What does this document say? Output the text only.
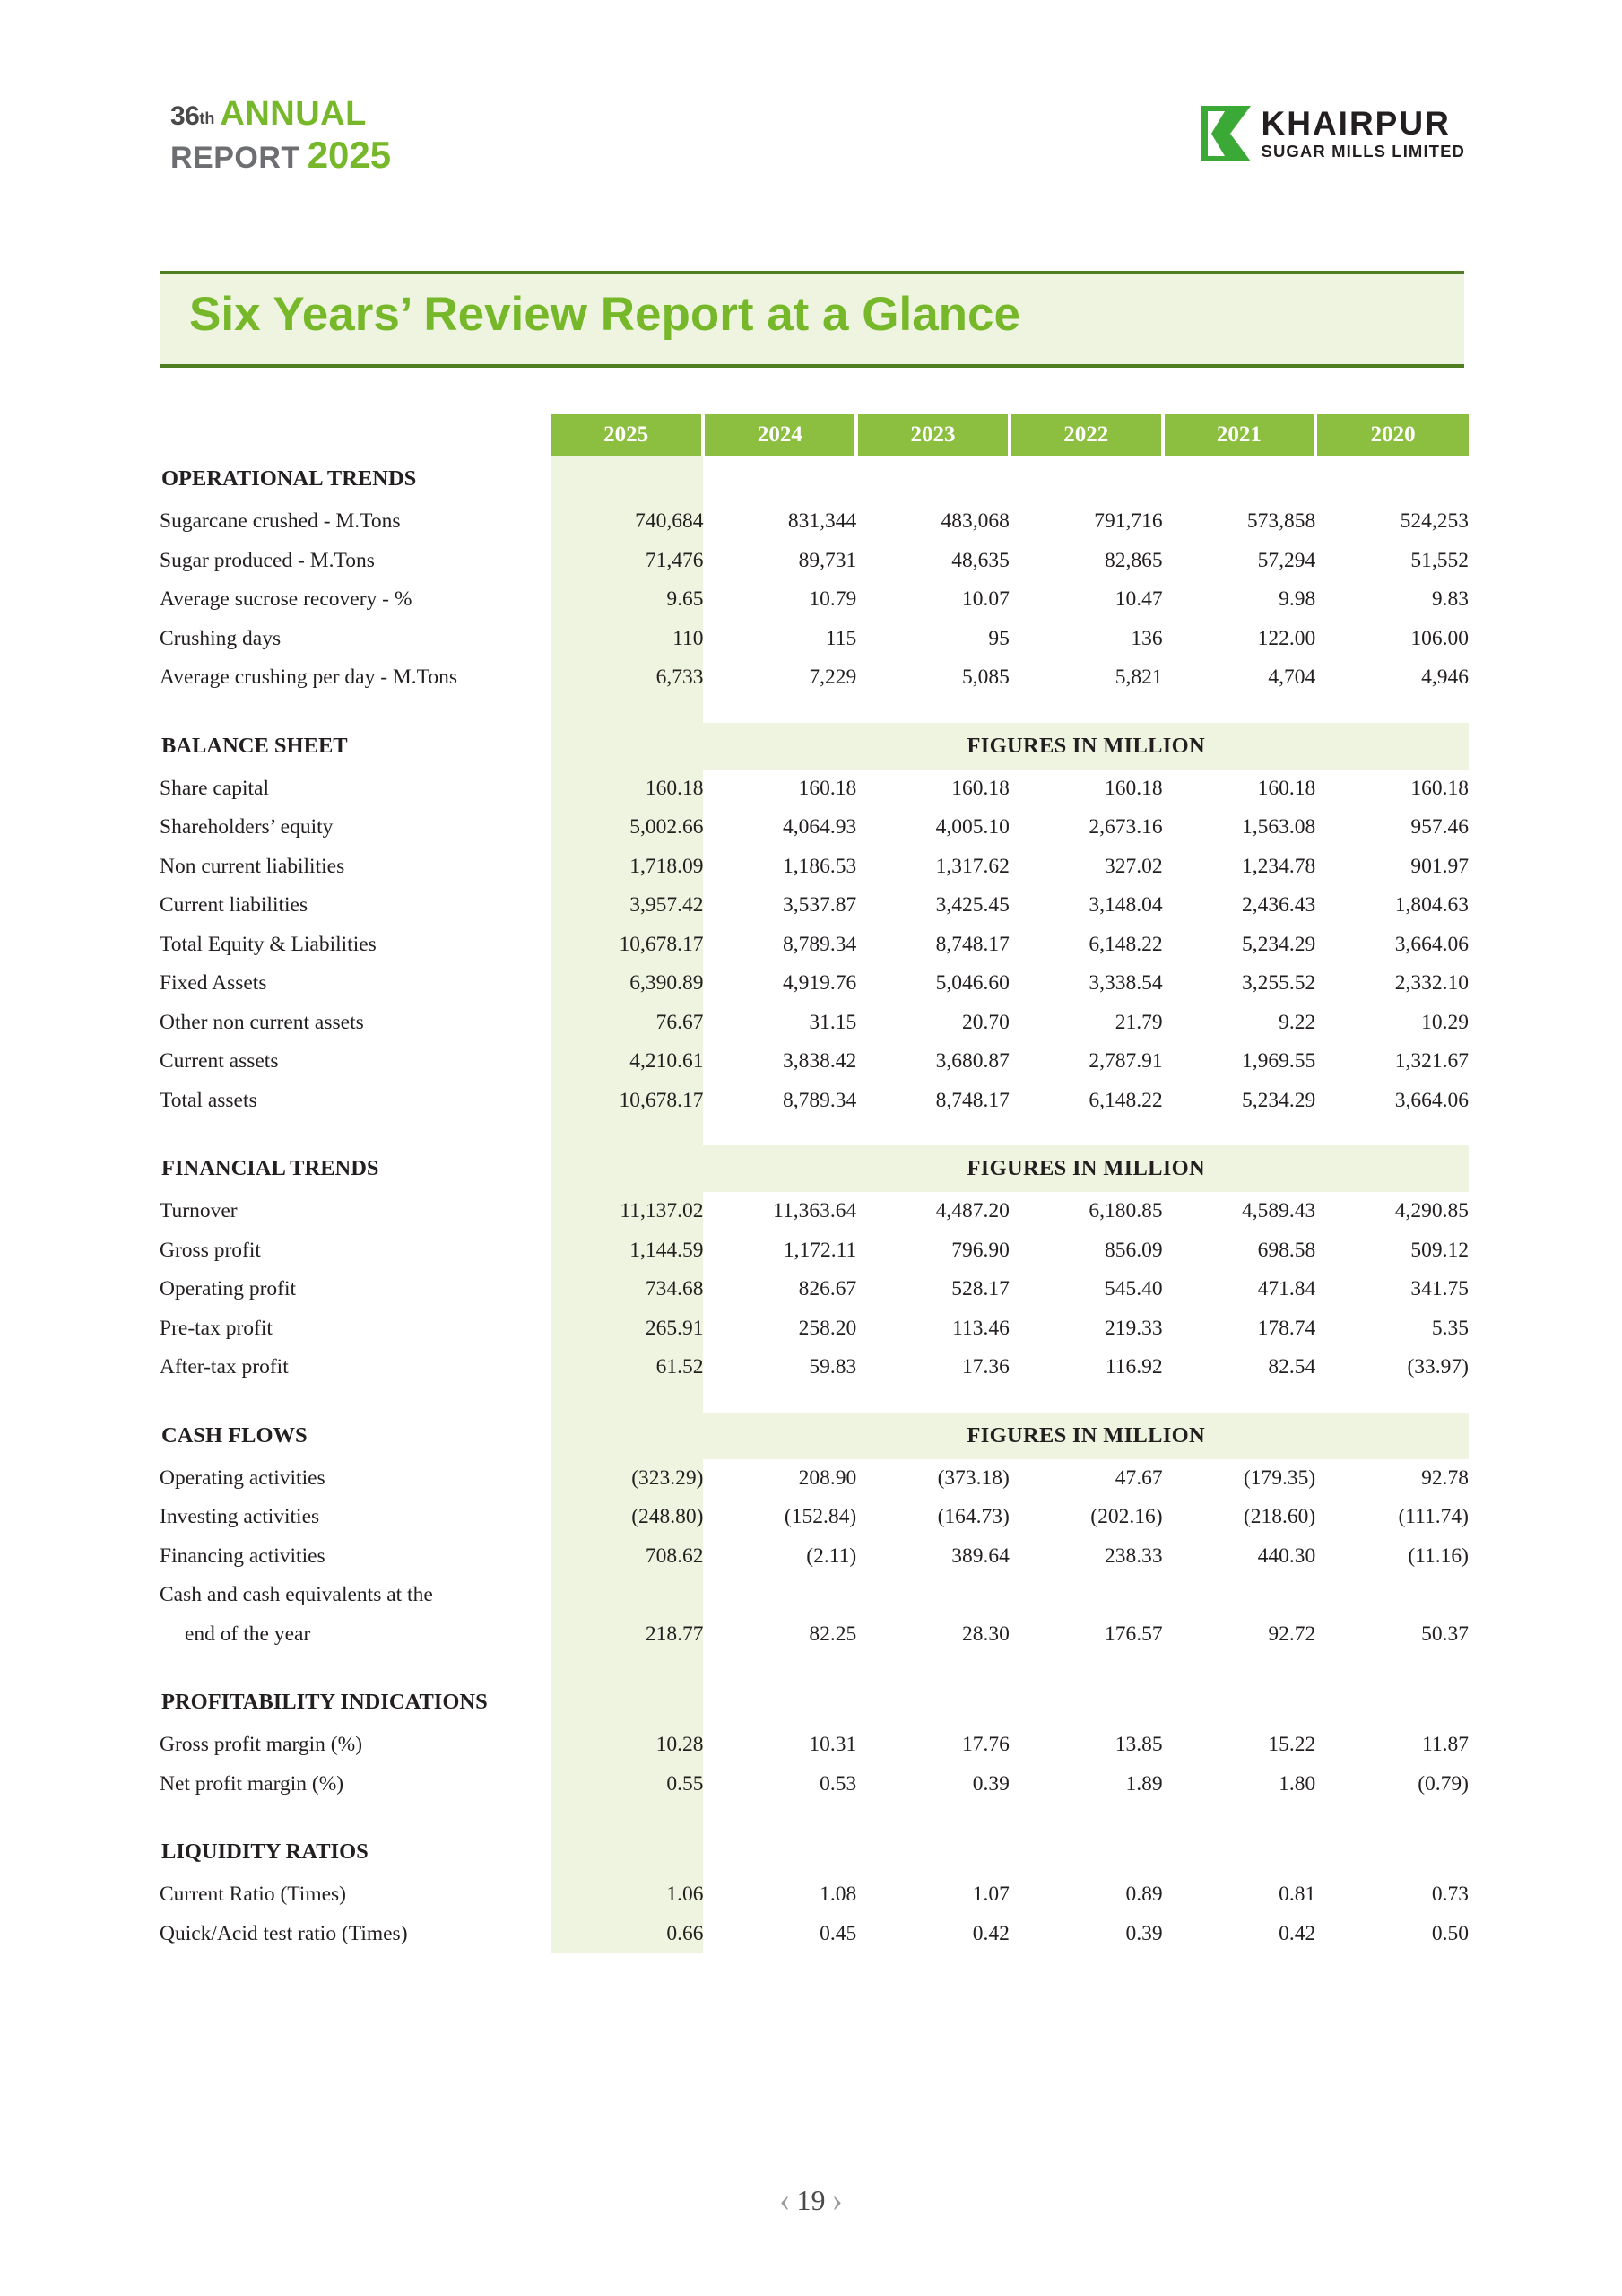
36th ANNUAL
REPORT 2025
KHAIRPUR
SUGAR MILLS LIMITED
Six Years’ Review Report at a Glance
	2025	2024	2023	2022	2021	2020
OPERATIONAL TRENDS						
Sugarcane crushed - M.Tons	740,684	831,344	483,068	791,716	573,858	524,253
Sugar produced - M.Tons	71,476	89,731	48,635	82,865	57,294	51,552
Average sucrose recovery - %	9.65	10.79	10.07	10.47	9.98	9.83
Crushing days	110	115	95	136	122.00	106.00
Average crushing per day - M.Tons	6,733	7,229	5,085	5,821	4,704	4,946

BALANCE SHEET		FIGURES IN MILLION				
Share capital	160.18	160.18	160.18	160.18	160.18	160.18
Shareholders’ equity	5,002.66	4,064.93	4,005.10	2,673.16	1,563.08	957.46
Non current liabilities	1,718.09	1,186.53	1,317.62	327.02	1,234.78	901.97
Current liabilities	3,957.42	3,537.87	3,425.45	3,148.04	2,436.43	1,804.63
Total Equity & Liabilities	10,678.17	8,789.34	8,748.17	6,148.22	5,234.29	3,664.06
Fixed Assets	6,390.89	4,919.76	5,046.60	3,338.54	3,255.52	2,332.10
Other non current assets	76.67	31.15	20.70	21.79	9.22	10.29
Current assets	4,210.61	3,838.42	3,680.87	2,787.91	1,969.55	1,321.67
Total assets	10,678.17	8,789.34	8,748.17	6,148.22	5,234.29	3,664.06

FINANCIAL TRENDS		FIGURES IN MILLION				
Turnover	11,137.02	11,363.64	4,487.20	6,180.85	4,589.43	4,290.85
Gross profit	1,144.59	1,172.11	796.90	856.09	698.58	509.12
Operating profit	734.68	826.67	528.17	545.40	471.84	341.75
Pre-tax profit	265.91	258.20	113.46	219.33	178.74	5.35
After-tax profit	61.52	59.83	17.36	116.92	82.54	(33.97)

CASH FLOWS		FIGURES IN MILLION				
Operating activities	(323.29)	208.90	(373.18)	47.67	(179.35)	92.78
Investing activities	(248.80)	(152.84)	(164.73)	(202.16)	(218.60)	(111.74)
Financing activities	708.62	(2.11)	389.64	238.33	440.30	(11.16)
Cash and cash equivalents at the						

end of the year	218.77	82.25	28.30	176.57	92.72	50.37

PROFITABILITY INDICATIONS						
Gross profit margin (%)	10.28	10.31	17.76	13.85	15.22	11.87
Net profit margin (%)	0.55	0.53	0.39	1.89	1.80	(0.79)

LIQUIDITY RATIOS						
Current Ratio (Times)	1.06	1.08	1.07	0.89	0.81	0.73
Quick/Acid test ratio (Times)	0.66	0.45	0.42	0.39	0.42	0.50
‹ 19 ›
